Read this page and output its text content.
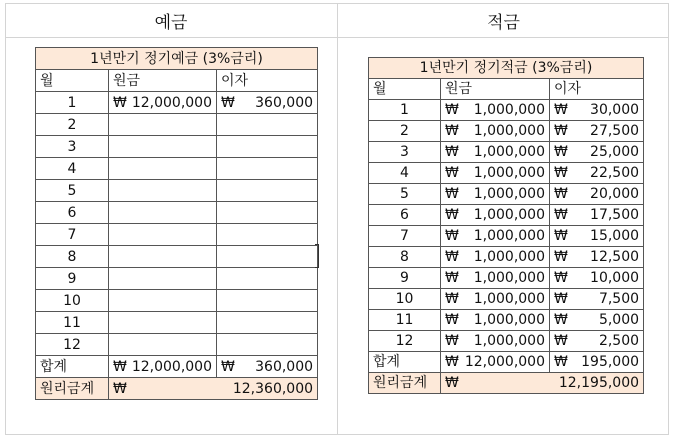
예금	적금
1년만기 정기예금 (3%금리)		
월	원금	이자
1	₩ 12,000,000	₩ 360,000

2		
3		
4		
5		
6		
7		
8		
9		
10		
11		
12		
합계	₩ 12,000,000	₩ 360,000

원리금계	₩ 12,360,000	
1년만기 정기적금 (3%금리)		
월	원금	이자
1	₩ 1,000,000	₩ 30,000

2	₩ 1,000,000	₩ 27,500

3	₩ 1,000,000	₩ 25,000

4	₩ 1,000,000	₩ 22,500

5	₩ 1,000,000	₩ 20,000

6	₩ 1,000,000	₩ 17,500

7	₩ 1,000,000	₩ 15,000

8	₩ 1,000,000	₩ 12,500

9	₩ 1,000,000	₩ 10,000

10	₩ 1,000,000	₩ 7,500

11	₩ 1,000,000	₩ 5,000

12	₩ 1,000,000	₩ 2,500

합계	₩ 12,000,000	₩ 195,000

원리금계	₩ 12,195,000	
